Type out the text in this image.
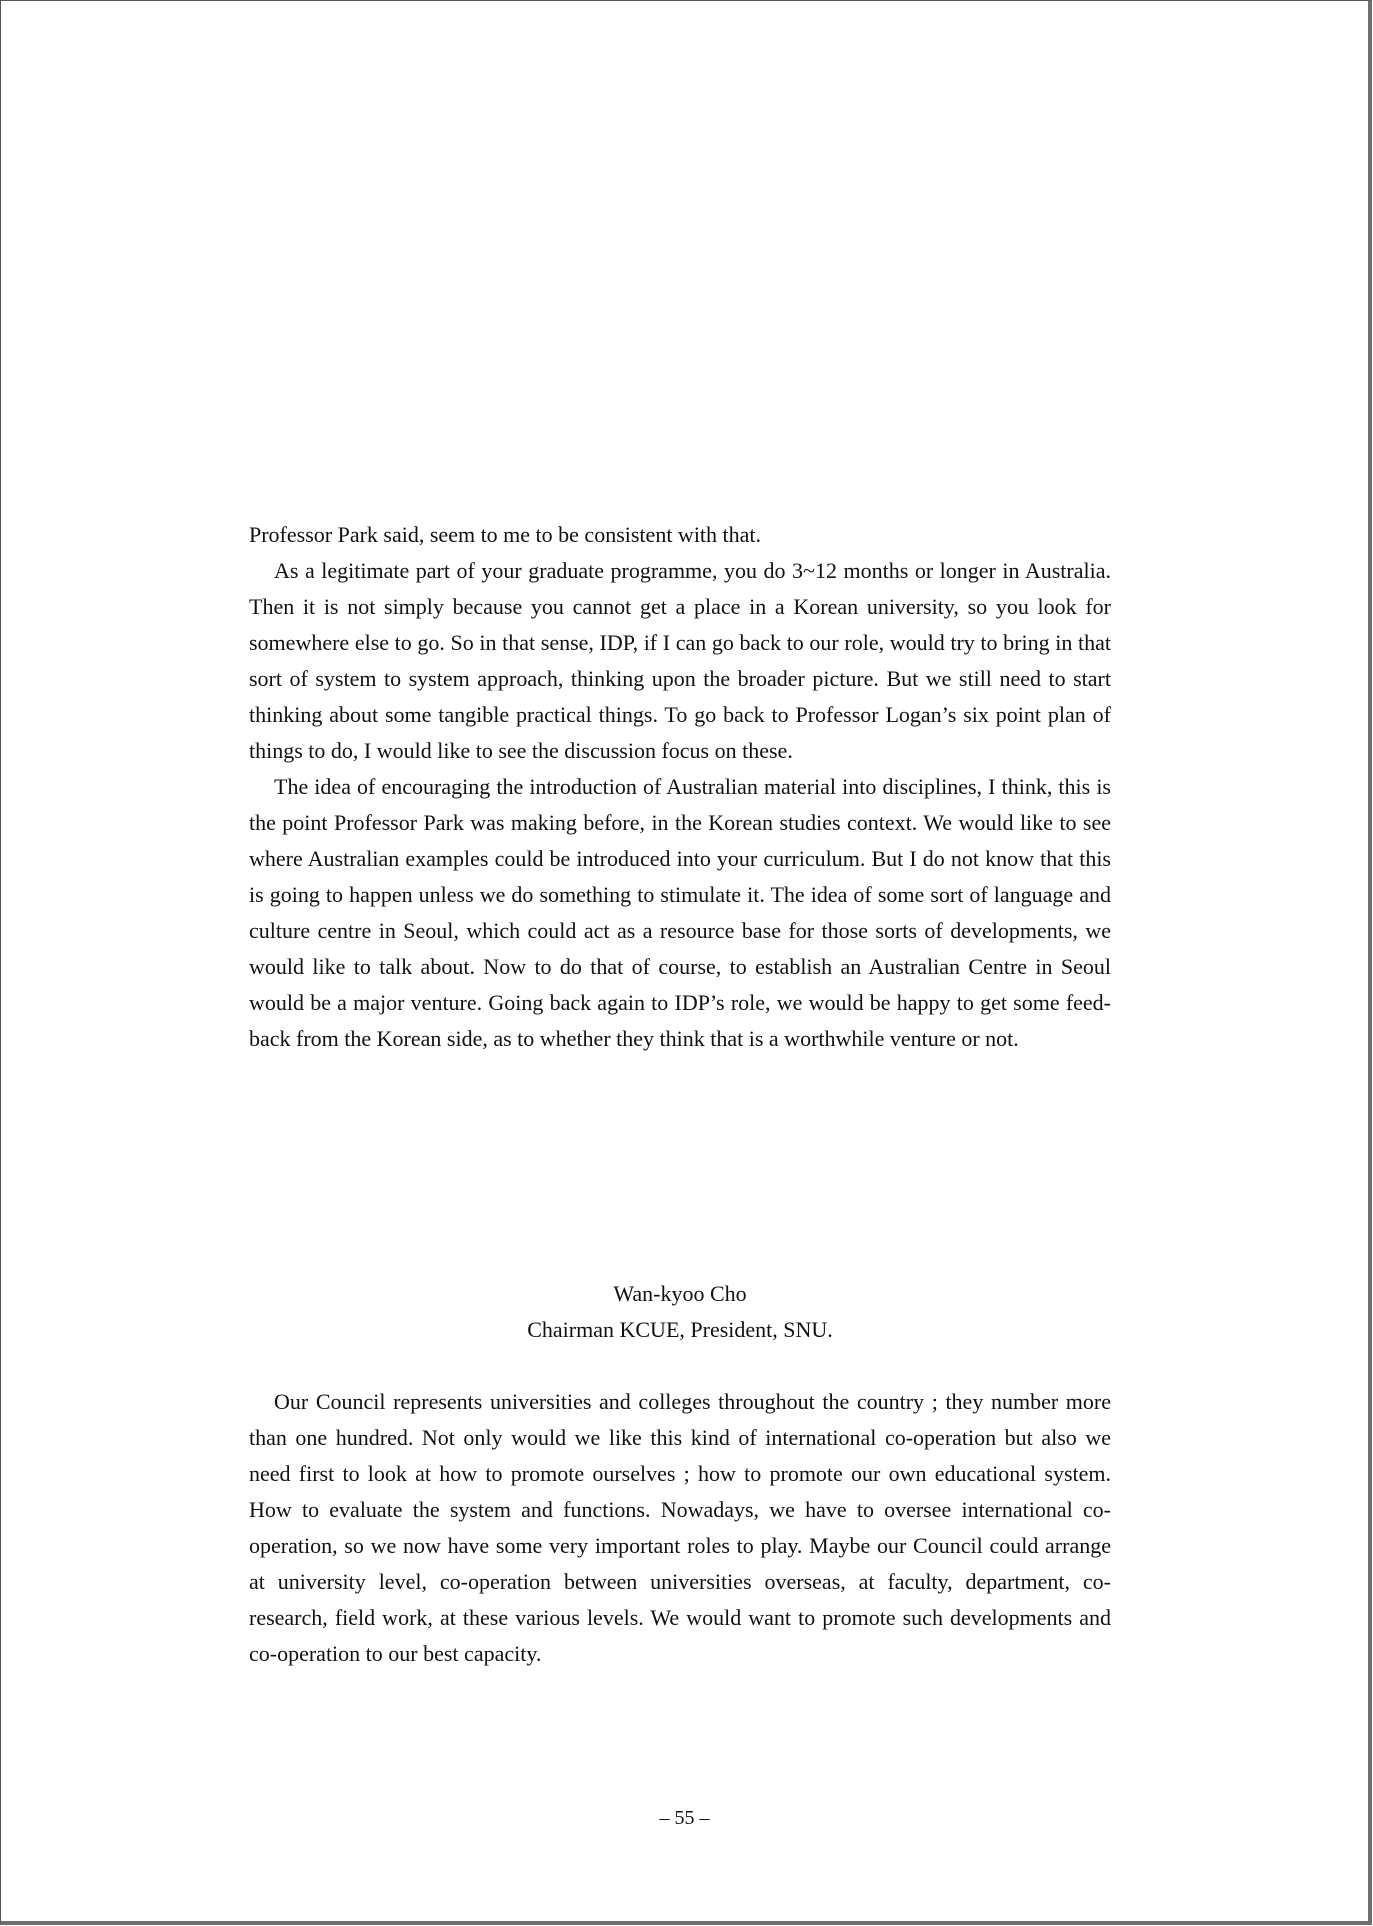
Professor Park said, seem to me to be consistent with that.

As a legitimate part of your graduate programme, you do 3~12 months or longer in Australia. Then it is not simply because you cannot get a place in a Korean university, so you look for somewhere else to go. So in that sense, IDP, if I can go back to our role, would try to bring in that sort of system to system approach, thinking upon the broader picture. But we still need to start thinking about some tangible practical things. To go back to Professor Logan’s six point plan of things to do, I would like to see the discussion focus on these.

The idea of encouraging the introduction of Australian material into disciplines, I think, this is the point Professor Park was making before, in the Korean studies context. We would like to see where Australian examples could be introduced into your curriculum. But I do not know that this is going to happen unless we do something to stimulate it. The idea of some sort of language and culture centre in Seoul, which could act as a resource base for those sorts of developments, we would like to talk about. Now to do that of course, to establish an Australian Centre in Seoul would be a major venture. Going back again to IDP’s role, we would be happy to get some feed-back from the Korean side, as to whether they think that is a worthwhile venture or not.

Wan-kyoo Cho
Chairman KCUE, President, SNU.

Our Council represents universities and colleges throughout the country ; they number more than one hundred. Not only would we like this kind of international co-operation but also we need first to look at how to promote ourselves ; how to promote our own educational system. How to evaluate the system and functions. Nowadays, we have to oversee international co-operation, so we now have some very important roles to play. Maybe our Council could arrange at university level, co-operation between universities overseas, at faculty, department, co-research, field work, at these various levels. We would want to promote such developments and co-operation to our best capacity.

– 55 –
